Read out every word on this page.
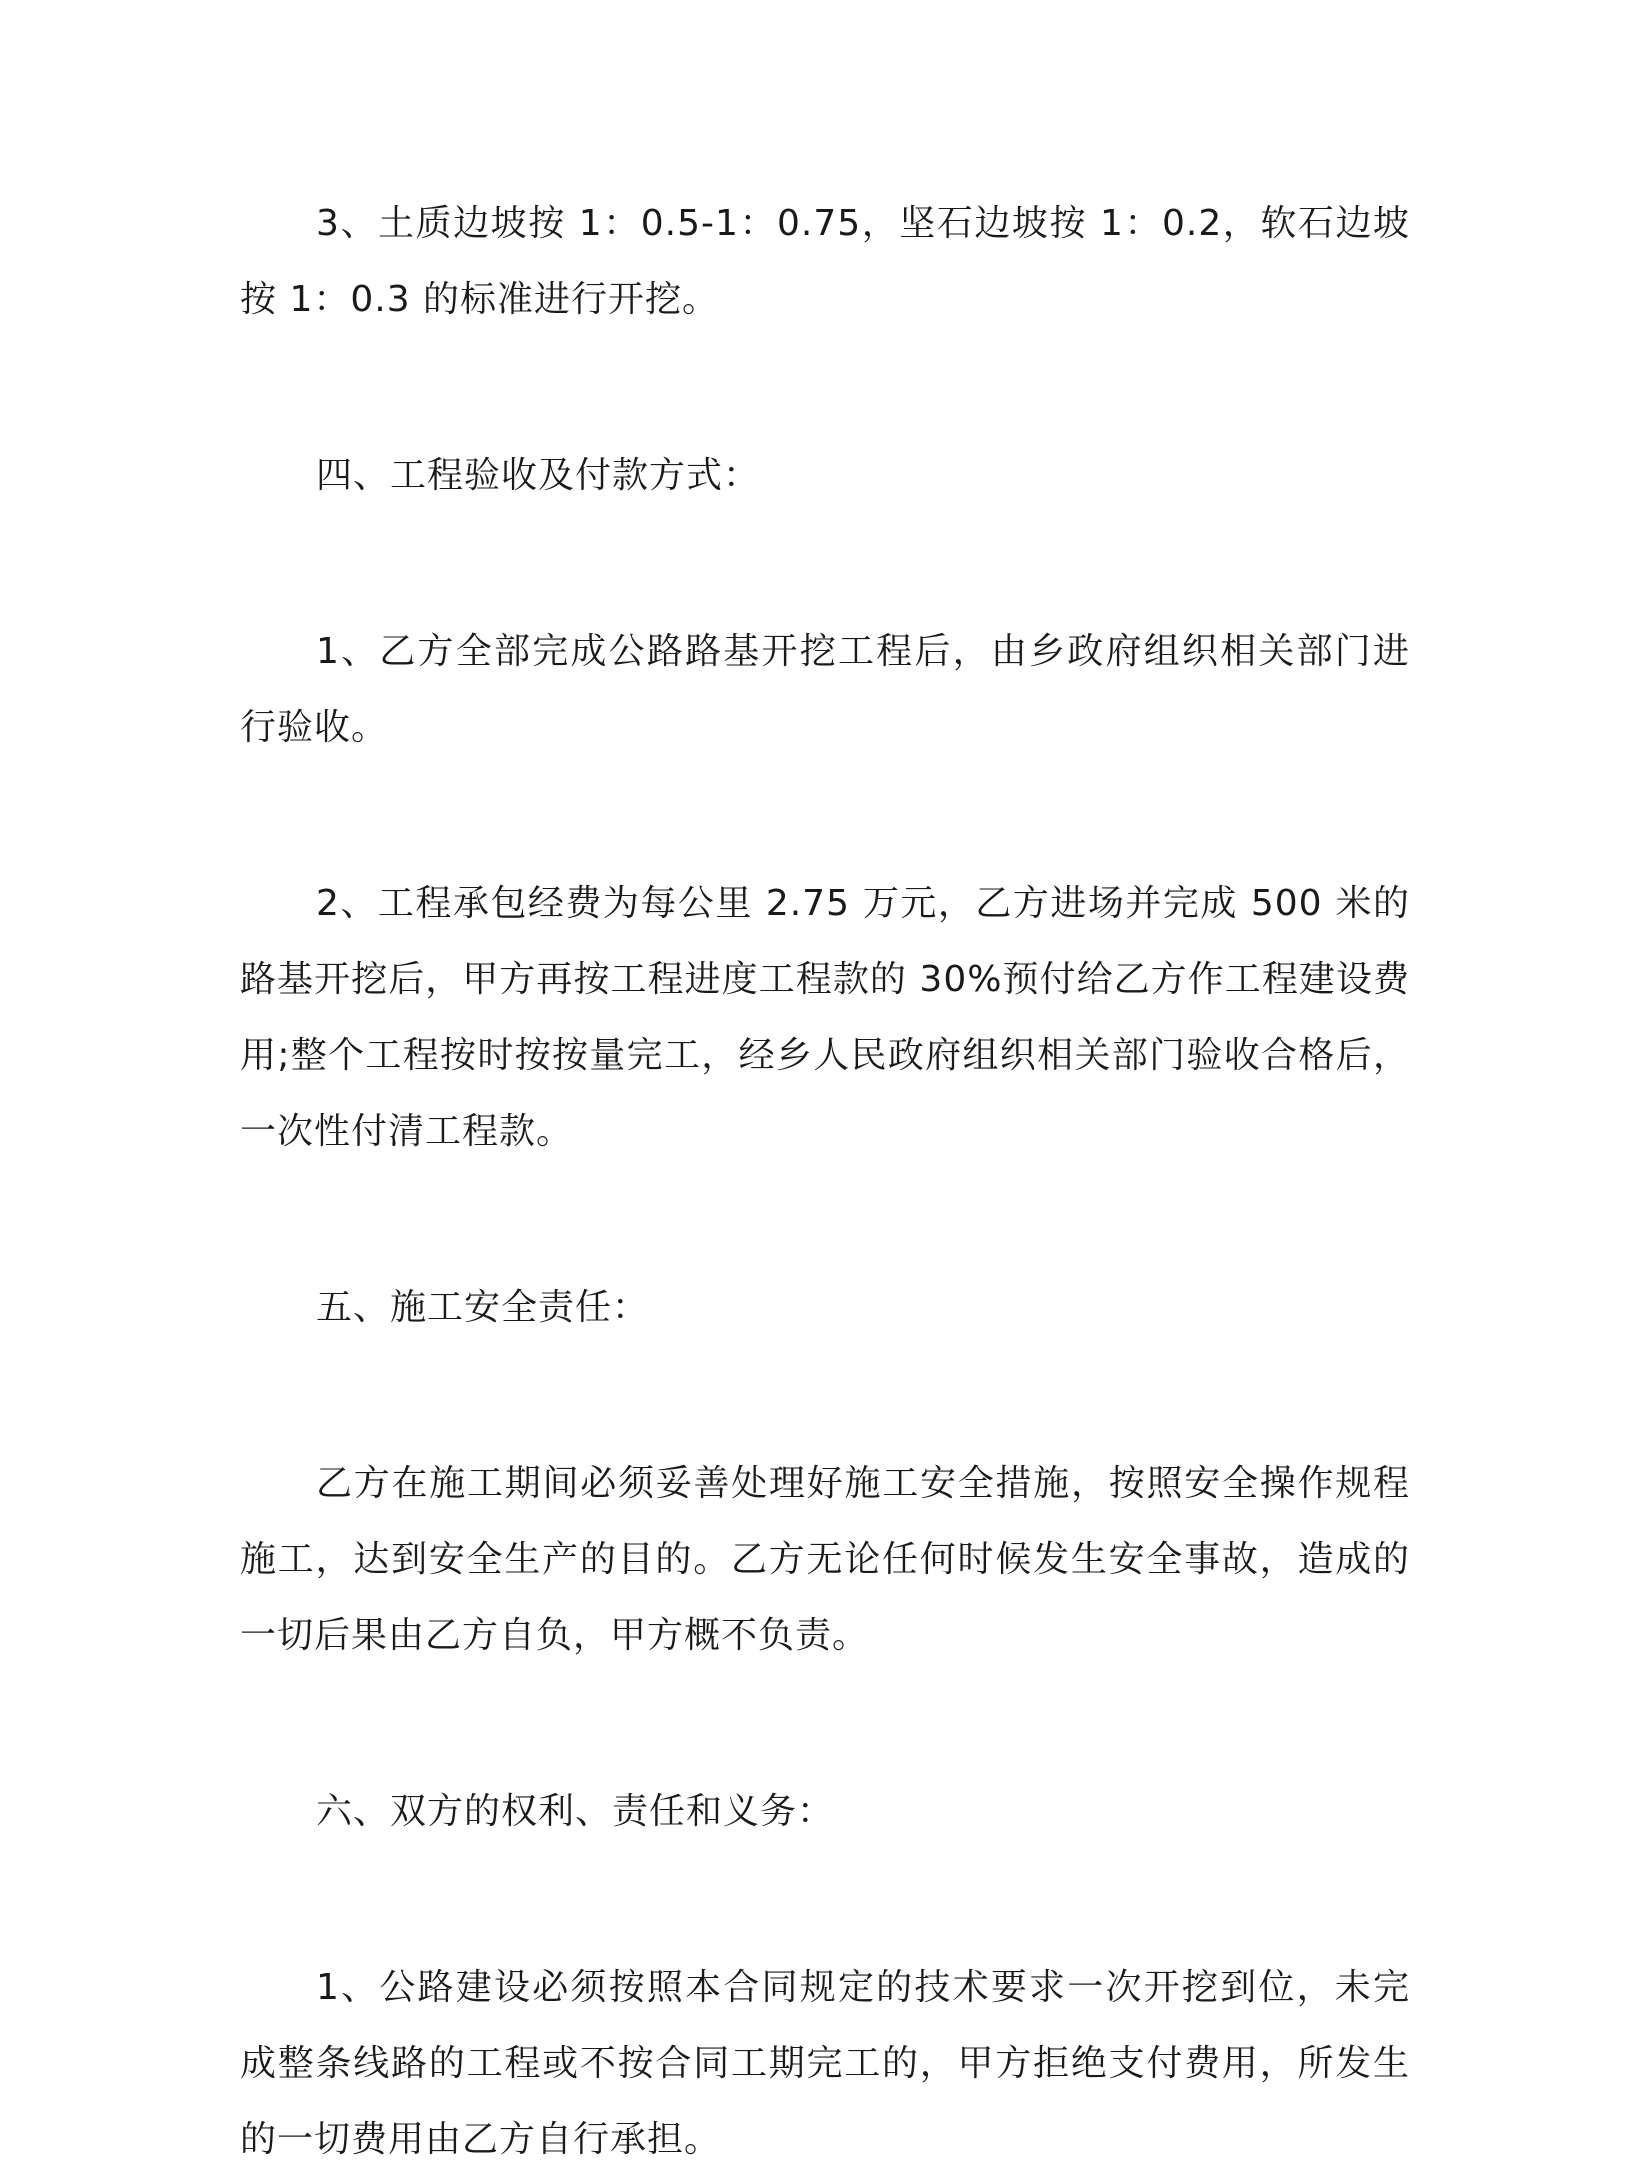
3、土质边坡按 1：0.5-1：0.75，坚石边坡按 1：0.2，软石边坡按 1：0.3 的标准进行开挖。

四、工程验收及付款方式：

1、乙方全部完成公路路基开挖工程后，由乡政府组织相关部门进行验收。

2、工程承包经费为每公里 2.75 万元，乙方进场并完成 500 米的路基开挖后，甲方再按工程进度工程款的 30%预付给乙方作工程建设费用;整个工程按时按按量完工，经乡人民政府组织相关部门验收合格后，一次性付清工程款。

五、施工安全责任：

乙方在施工期间必须妥善处理好施工安全措施，按照安全操作规程施工，达到安全生产的目的。乙方无论任何时候发生安全事故，造成的一切后果由乙方自负，甲方概不负责。

六、双方的权利、责任和义务：

1、公路建设必须按照本合同规定的技术要求一次开挖到位，未完成整条线路的工程或不按合同工期完工的，甲方拒绝支付费用，所发生的一切费用由乙方自行承担。
